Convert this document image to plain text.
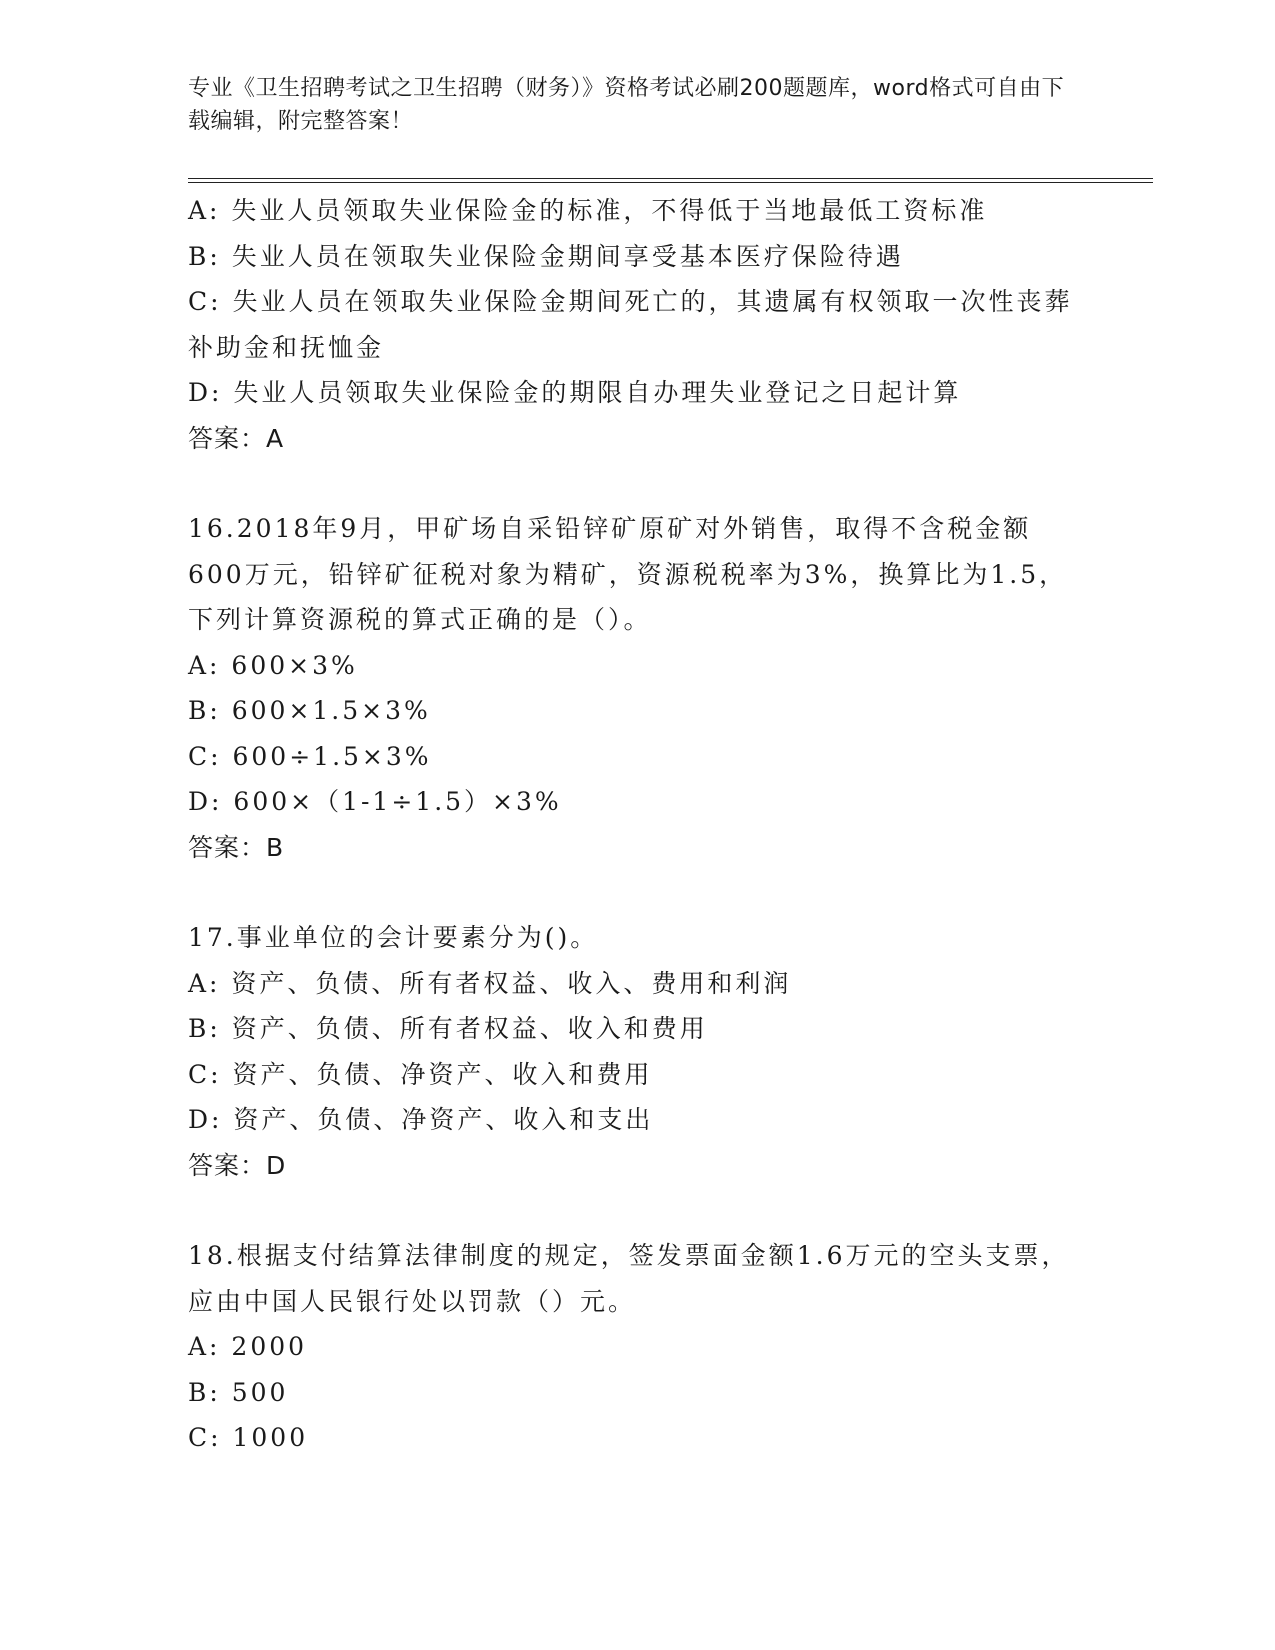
专业《卫生招聘考试之卫生招聘（财务）》资格考试必刷200题题库，word格式可自由下载编辑，附完整答案！

A: 失业人员领取失业保险金的标准，不得低于当地最低工资标准

B: 失业人员在领取失业保险金期间享受基本医疗保险待遇

C: 失业人员在领取失业保险金期间死亡的，其遗属有权领取一次性丧葬补助金和抚恤金

D: 失业人员领取失业保险金的期限自办理失业登记之日起计算

答案：A

16.2018年9月，甲矿场自采铅锌矿原矿对外销售，取得不含税金额600万元，铅锌矿征税对象为精矿，资源税税率为3%，换算比为1.5，下列计算资源税的算式正确的是（）。

A: 600×3%

B: 600×1.5×3%

C: 600÷1.5×3%

D: 600×（1-1÷1.5）×3%

答案：B

17.事业单位的会计要素分为()。

A: 资产、负债、所有者权益、收入、费用和利润

B: 资产、负债、所有者权益、收入和费用

C: 资产、负债、净资产、收入和费用

D: 资产、负债、净资产、收入和支出

答案：D

18.根据支付结算法律制度的规定，签发票面金额1.6万元的空头支票，应由中国人民银行处以罚款（）元。

A: 2000

B: 500

C: 1000
